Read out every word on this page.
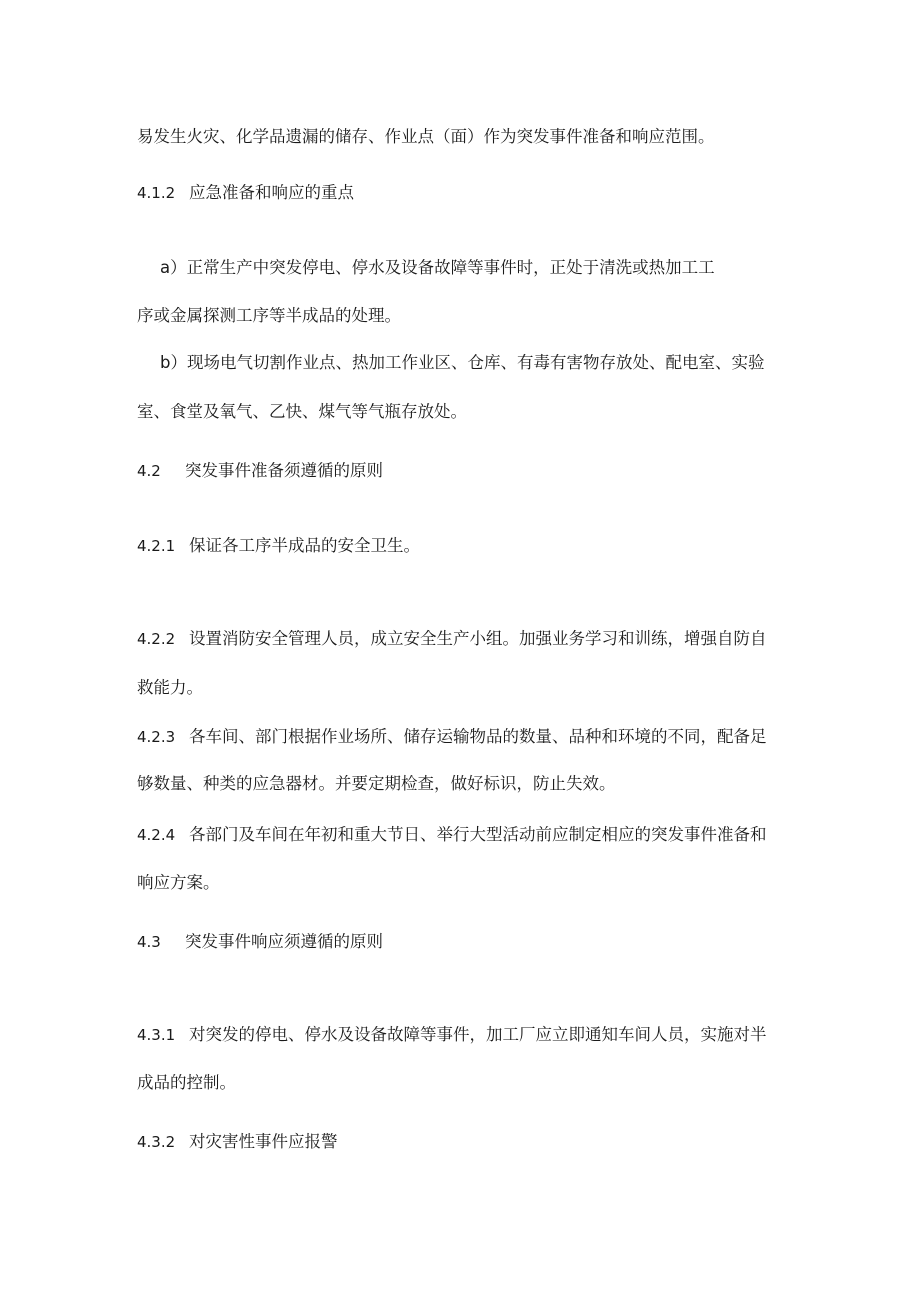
易发生火灾、化学品遗漏的储存、作业点（面）作为突发事件准备和响应范围。
4.1.2 应急准备和响应的重点
a）正常生产中突发停电、停水及设备故障等事件时，正处于清洗或热加工工
序或金属探测工序等半成品的处理。
b）现场电气切割作业点、热加工作业区、仓库、有毒有害物存放处、配电室、实验
室、食堂及氧气、乙快、煤气等气瓶存放处。
4.2 突发事件准备须遵循的原则
4.2.1 保证各工序半成品的安全卫生。
4.2.2 设置消防安全管理人员，成立安全生产小组。加强业务学习和训练，增强自防自
救能力。
4.2.3 各车间、部门根据作业场所、储存运输物品的数量、品种和环境的不同，配备足
够数量、种类的应急器材。并要定期检查，做好标识，防止失效。
4.2.4 各部门及车间在年初和重大节日、举行大型活动前应制定相应的突发事件准备和
响应方案。
4.3 突发事件响应须遵循的原则
4.3.1 对突发的停电、停水及设备故障等事件，加工厂应立即通知车间人员，实施对半
成品的控制。
4.3.2 对灾害性事件应报警
